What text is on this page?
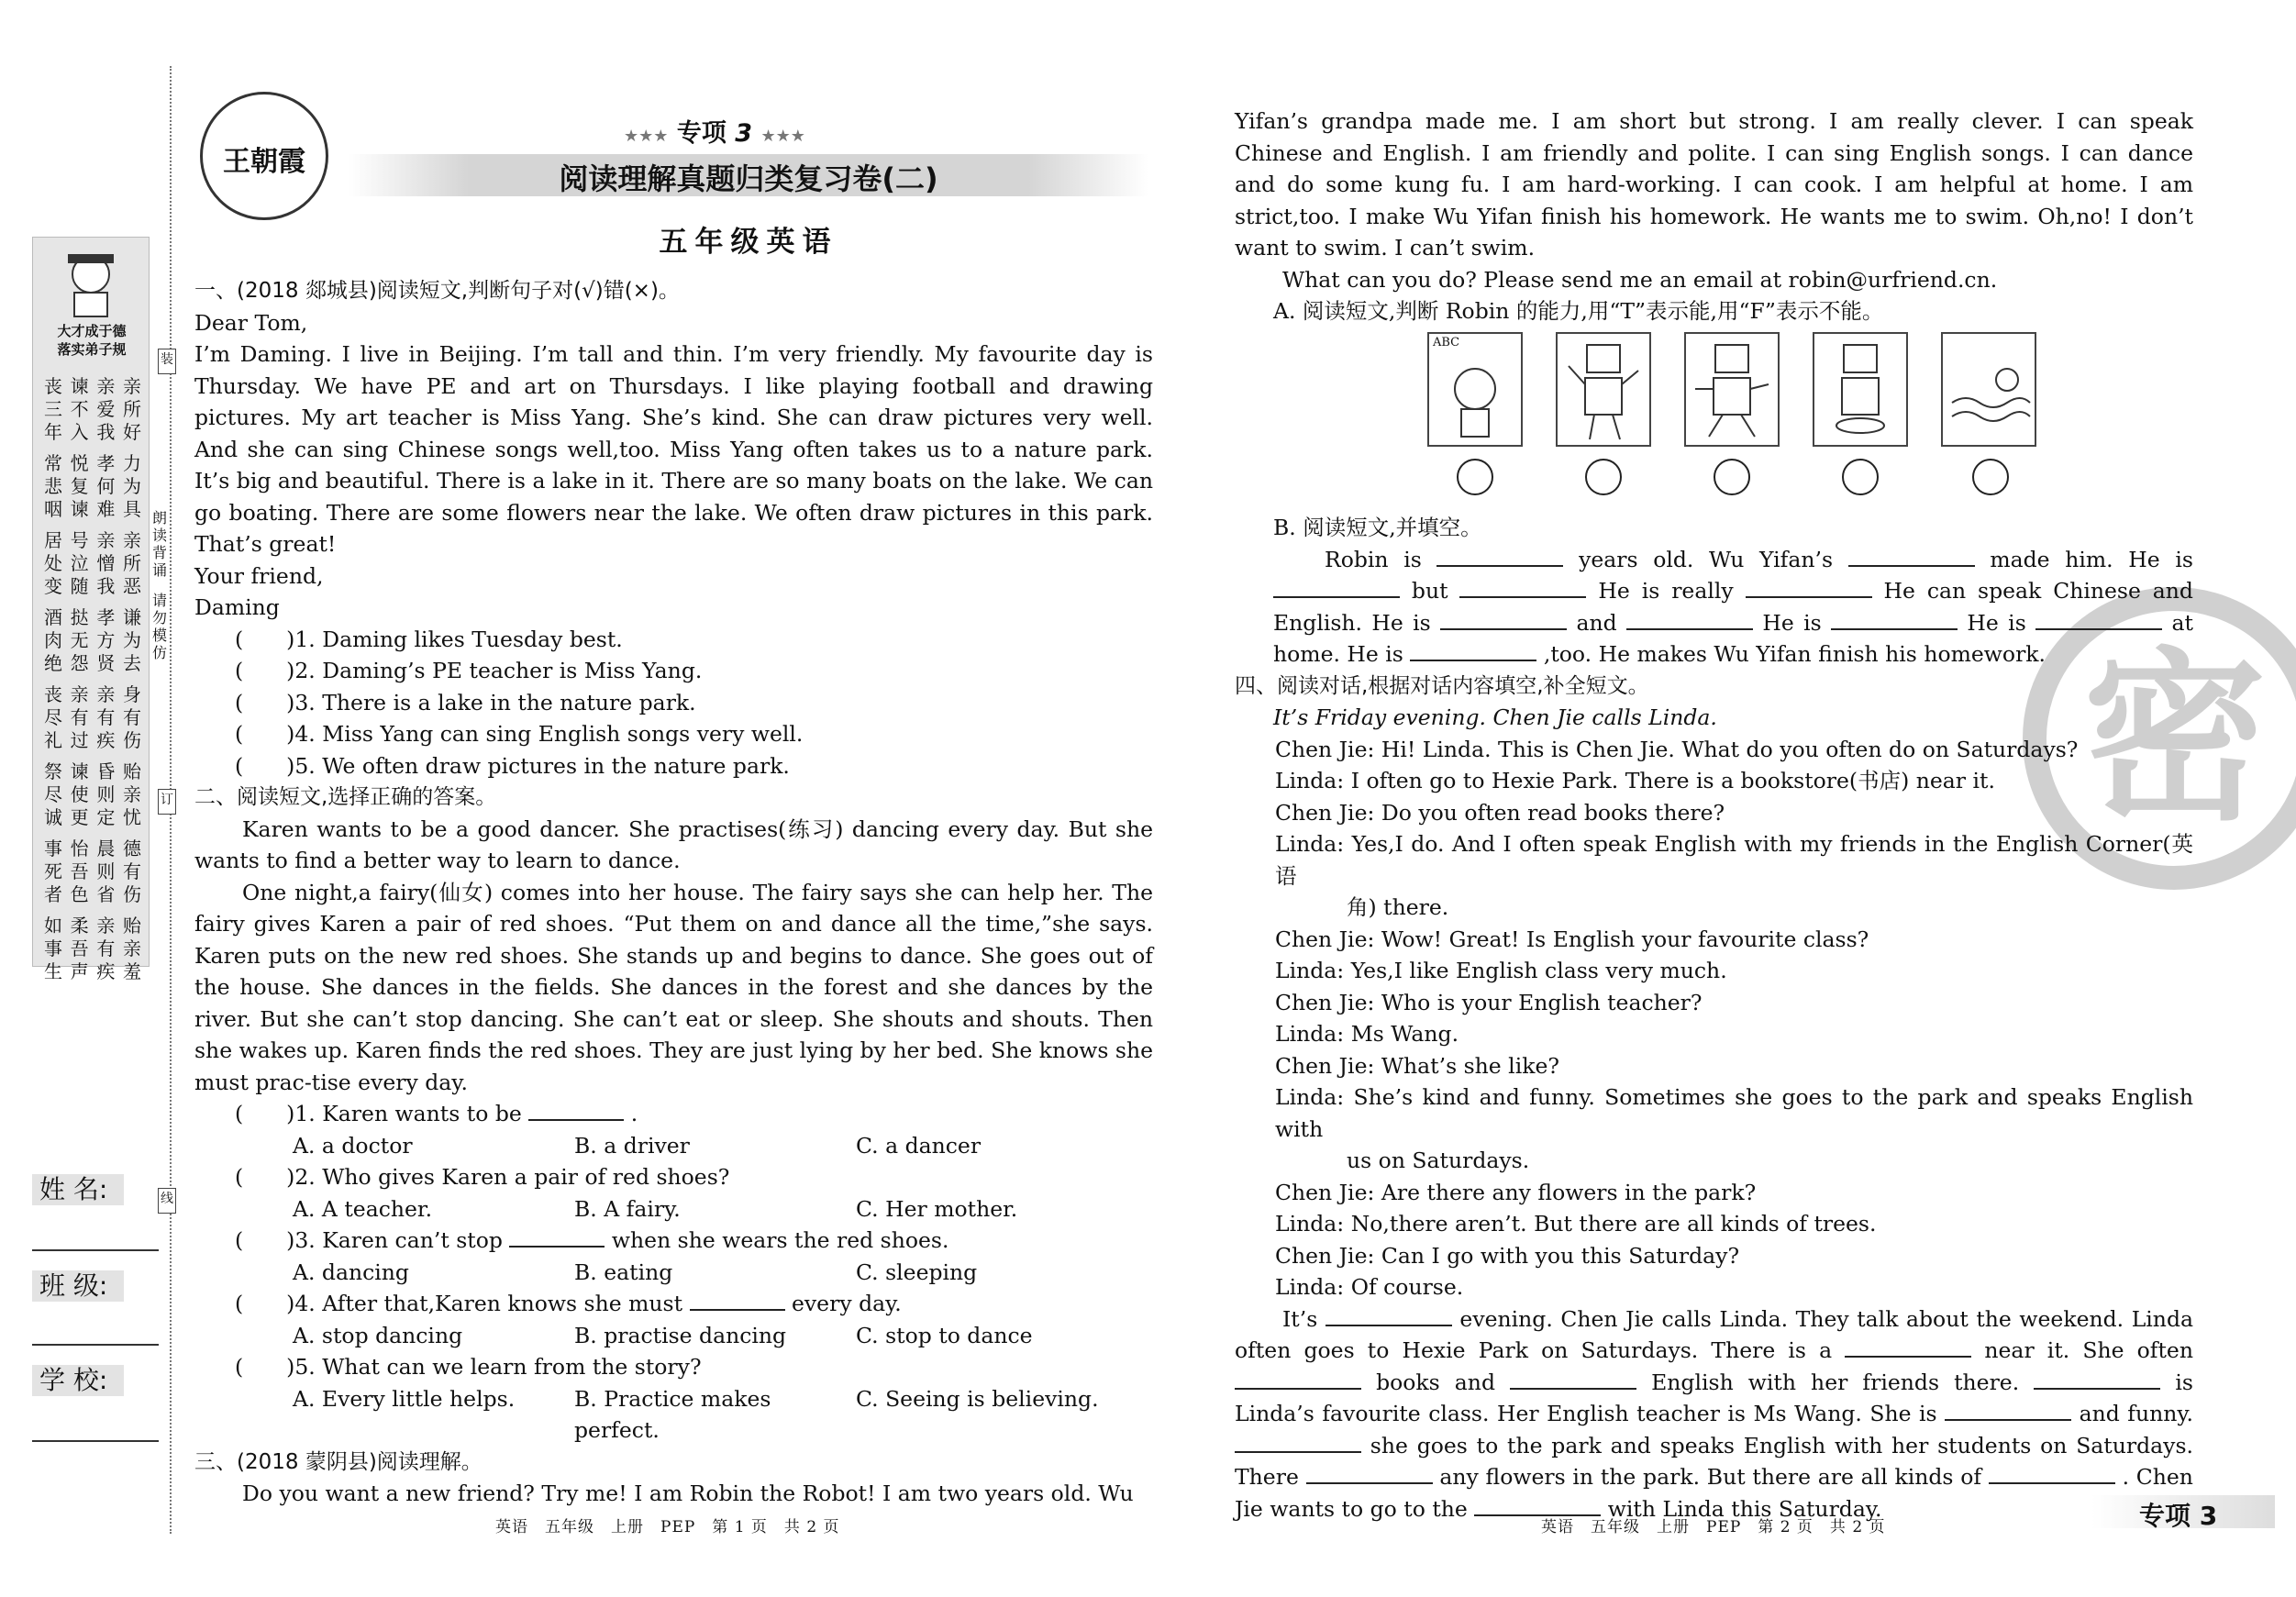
大才成于德
落实弟子规
丧三年
谏不入
亲爱我
亲所好
常悲咽
悦复谏
孝何难
力为具
居处变
号泣随
亲憎我
亲所恶
酒肉绝
挞无怨
孝方贤
谦为去
丧尽礼
亲有过
亲有疾
身有伤
祭尽诚
谏使更
昏则定
贻亲忧
事死者
怡吾色
晨则省
德有伤
如事生
柔吾声
亲有疾
贻亲羞
装
朗读背诵
请勿模仿
订
线
姓 名:
班 级:
学 校:
王朝霞
★★★ 专项 3 ★★★
阅读理解真题归类复习卷(二)
五年级英语

一、(2018 郯城县)阅读短文,判断句子对(√)错(×)。

Dear Tom,

I’m Daming. I live in Beijing. I’m tall and thin. I’m very friendly. My favourite day is Thursday. We have PE and art on Thursdays. I like playing football and drawing pictures. My art teacher is Miss Yang. She’s kind. She can draw pictures very well. And she can sing Chinese songs well,too. Miss Yang often takes us to a nature park. It’s big and beautiful. There is a lake in it. There are so many boats on the lake. We can go boating. There are some flowers near the lake. We often draw pictures in this park. That’s great!

Your friend,

Daming

(　　)1. Daming likes Tuesday best.

(　　)2. Daming’s PE teacher is Miss Yang.

(　　)3. There is a lake in the nature park.

(　　)4. Miss Yang can sing English songs very well.

(　　)5. We often draw pictures in the nature park.

二、阅读短文,选择正确的答案。

Karen wants to be a good dancer. She practises(练习) dancing every day. But she wants to find a better way to learn to dance.

One night,a fairy(仙女) comes into her house. The fairy says she can help her. The fairy gives Karen a pair of red shoes. “Put them on and dance all the time,”she says. Karen puts on the new red shoes. She stands up and begins to dance. She goes out of the house. She dances in the fields. She dances in the forest and she dances by the river. But she can’t stop dancing. She can’t eat or sleep. She shouts and shouts. Then she wakes up. Karen finds the red shoes. They are just lying by her bed. She knows she must prac-tise every day.

(　　)1. Karen wants to be	.

A. a doctor	B. a driver	C. a dancer

(　　)2. Who gives Karen a pair of red shoes?

A. A teacher.	B. A fairy.	C. Her mother.

(　　)3. Karen can’t stop	when she wears the red shoes.

A. dancing	B. eating	C. sleeping

(　　)4. After that,Karen knows she must	every day.

A. stop dancing	B. practise dancing	C. stop to dance

(　　)5. What can we learn from the story?

A. Every little helps.	B. Practice makes perfect.
C. Seeing is believing.

三、(2018 蒙阴县)阅读理解。

Do you want a new friend? Try me! I am Robin the Robot! I am two years old. Wu

英语　五年级　上册　PEP　第 1 页　共 2 页

Yifan’s grandpa made me. I am short but strong. I am really clever. I can speak Chinese and English. I am friendly and polite. I can sing English songs. I can dance and do some kung fu. I am hard-working. I can cook. I am helpful at home. I am strict,too. I make Wu Yifan finish his homework. He wants me to swim. Oh,no! I don’t want to swim. I can’t swim.

What can you do? Please send me an email at robin@urfriend.cn.

A. 阅读短文,判断 Robin 的能力,用“T”表示能,用“F”表示不能。

ABC
密

B. 阅读短文,并填空。

Robin is	years old. Wu Yifan’s	made him. He is  but	He is really	He can speak Chinese and English. He is	and	He is	He is	at home. He is	,too. He makes Wu Yifan finish his homework.

四、阅读对话,根据对话内容填空,补全短文。

It’s Friday evening. Chen Jie calls Linda.

Chen Jie: Hi! Linda. This is Chen Jie. What do you often do on Saturdays?

Linda: I often go to Hexie Park. There is a bookstore(书店) near it.

Chen Jie: Do you often read books there?

Linda: Yes,I do. And I often speak English with my friends in the English Corner(英语

角) there.

Chen Jie: Wow! Great! Is English your favourite class?

Linda: Yes,I like English class very much.

Chen Jie: Who is your English teacher?

Linda: Ms Wang.

Chen Jie: What’s she like?

Linda: She’s kind and funny. Sometimes she goes to the park and speaks English with

us on Saturdays.

Chen Jie: Are there any flowers in the park?

Linda: No,there aren’t. But there are all kinds of trees.

Chen Jie: Can I go with you this Saturday?

Linda: Of course.

It’s	evening. Chen Jie calls Linda. They talk about the weekend. Linda often goes to Hexie Park on Saturdays. There is a	near it. She often  books and	English with her friends there.	is Linda’s favourite class. Her English teacher is Ms Wang. She is	and funny.  she goes to the park and speaks English with her students on Saturdays. There	any flowers in the park. But there are all kinds of	. Chen Jie wants to go to the	with Linda this Saturday.

英语　五年级　上册　PEP　第 2 页　共 2 页	专项 3
